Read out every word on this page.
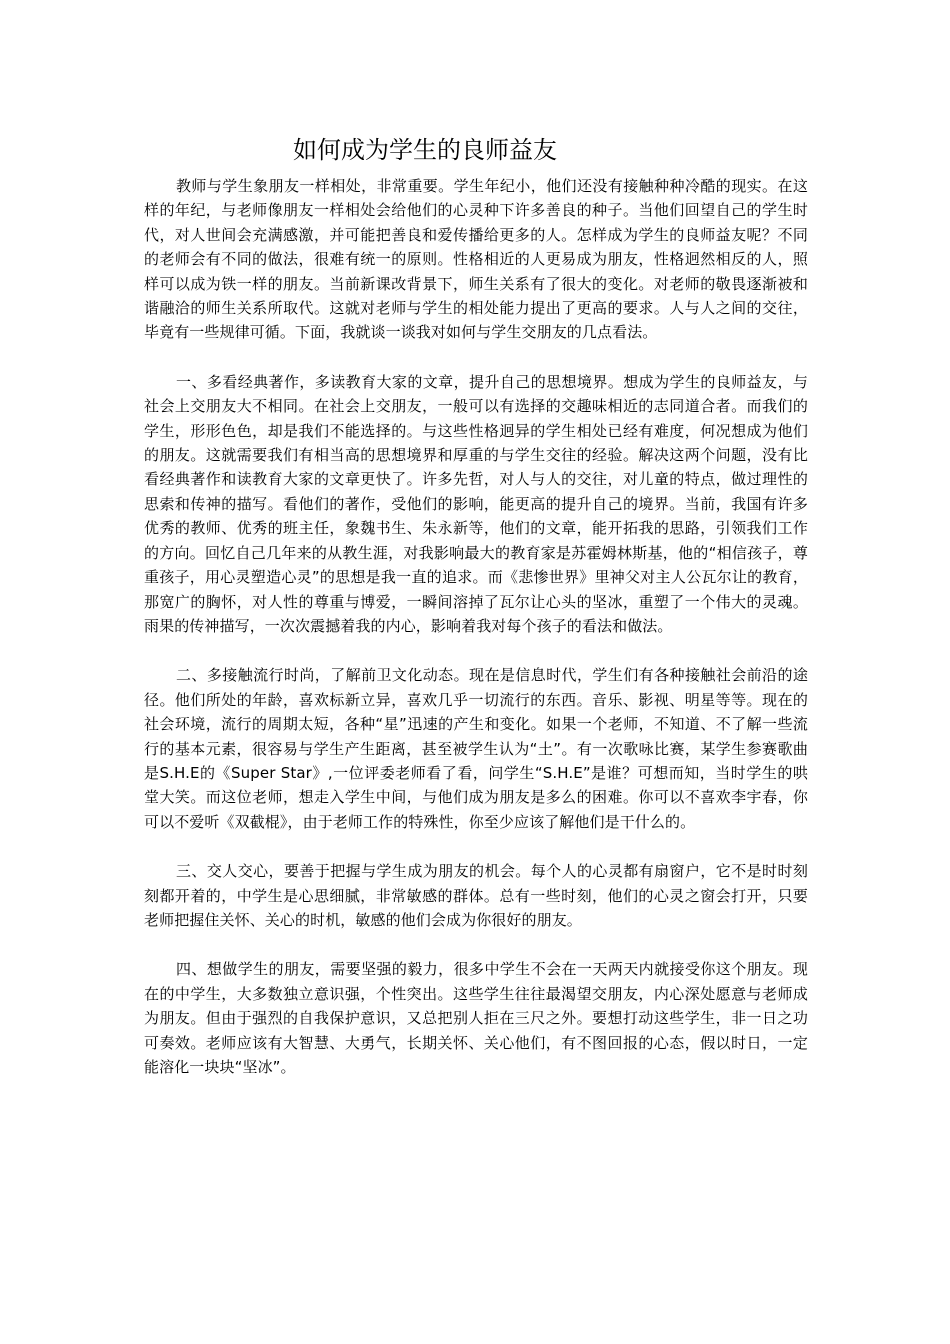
如何成为学生的良师益友

教师与学生象朋友一样相处，非常重要。学生年纪小，他们还没有接触种种冷酷的现实。在这样的年纪，与老师像朋友一样相处会给他们的心灵种下许多善良的种子。当他们回望自己的学生时代，对人世间会充满感激，并可能把善良和爱传播给更多的人。怎样成为学生的良师益友呢？不同的老师会有不同的做法，很难有统一的原则。性格相近的人更易成为朋友，性格迥然相反的人，照样可以成为铁一样的朋友。当前新课改背景下，师生关系有了很大的变化。对老师的敬畏逐渐被和谐融洽的师生关系所取代。这就对老师与学生的相处能力提出了更高的要求。人与人之间的交往，毕竟有一些规律可循。下面，我就谈一谈我对如何与学生交朋友的几点看法。

一、多看经典著作，多读教育大家的文章，提升自己的思想境界。想成为学生的良师益友，与社会上交朋友大不相同。在社会上交朋友，一般可以有选择的交趣味相近的志同道合者。而我们的学生，形形色色，却是我们不能选择的。与这些性格迥异的学生相处已经有难度，何况想成为他们的朋友。这就需要我们有相当高的思想境界和厚重的与学生交往的经验。解决这两个问题，没有比看经典著作和读教育大家的文章更快了。许多先哲，对人与人的交往，对儿童的特点，做过理性的思索和传神的描写。看他们的著作，受他们的影响，能更高的提升自己的境界。当前，我国有许多优秀的教师、优秀的班主任，象魏书生、朱永新等，他们的文章，能开拓我的思路，引领我们工作的方向。回忆自己几年来的从教生涯，对我影响最大的教育家是苏霍姆林斯基，他的“相信孩子，尊重孩子，用心灵塑造心灵”的思想是我一直的追求。而《悲惨世界》里神父对主人公瓦尔让的教育，那宽广的胸怀，对人性的尊重与博爱，一瞬间溶掉了瓦尔让心头的坚冰，重塑了一个伟大的灵魂。雨果的传神描写，一次次震撼着我的内心，影响着我对每个孩子的看法和做法。

二、多接触流行时尚，了解前卫文化动态。现在是信息时代，学生们有各种接触社会前沿的途径。他们所处的年龄，喜欢标新立异，喜欢几乎一切流行的东西。音乐、影视、明星等等。现在的社会环境，流行的周期太短，各种“星”迅速的产生和变化。如果一个老师，不知道、不了解一些流行的基本元素，很容易与学生产生距离，甚至被学生认为“土”。有一次歌咏比赛，某学生参赛歌曲是S.H.E的《Super Star》,一位评委老师看了看，问学生“S.H.E”是谁？可想而知，当时学生的哄堂大笑。而这位老师，想走入学生中间，与他们成为朋友是多么的困难。你可以不喜欢李宇春，你可以不爱听《双截棍》，由于老师工作的特殊性，你至少应该了解他们是干什么的。

三、交人交心，要善于把握与学生成为朋友的机会。每个人的心灵都有扇窗户，它不是时时刻刻都开着的，中学生是心思细腻，非常敏感的群体。总有一些时刻，他们的心灵之窗会打开，只要老师把握住关怀、关心的时机，敏感的他们会成为你很好的朋友。

四、想做学生的朋友，需要坚强的毅力，很多中学生不会在一天两天内就接受你这个朋友。现在的中学生，大多数独立意识强，个性突出。这些学生往往最渴望交朋友，内心深处愿意与老师成为朋友。但由于强烈的自我保护意识，又总把别人拒在三尺之外。要想打动这些学生，非一日之功可奏效。老师应该有大智慧、大勇气，长期关怀、关心他们，有不图回报的心态，假以时日，一定能溶化一块块“坚冰”。
